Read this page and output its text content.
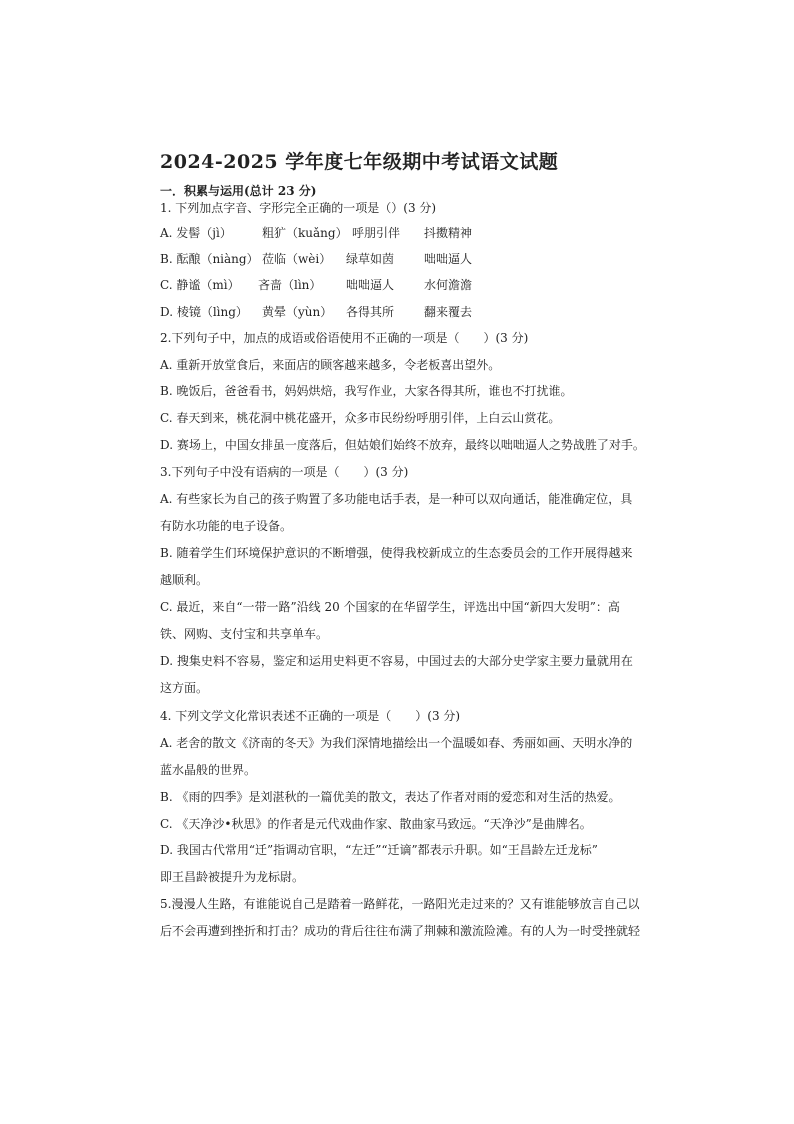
2024-2025 学年度七年级期中考试语文试题
一．积累与运用(总计 23 分)
1. 下列加点字音、字形完全正确的一项是（）(3 分)
A. 发髻（jì）	粗犷（kuǎng） 呼朋引伴 抖擞精神
B. 酝酿（niàng） 莅临（wèi） 绿草如茵 咄咄逼人
C. 静谧（mì） 吝啬（lìn） 咄咄逼人 水何澹澹
D. 棱镜（lìng） 黄晕（yùn） 各得其所 翻来覆去
2.下列句子中，加点的成语或俗语使用不正确的一项是（　　）(3 分)
A. 重新开放堂食后，来面店的顾客越来越多，令老板喜出望外。
B. 晚饭后，爸爸看书，妈妈烘焙，我写作业，大家各得其所，谁也不打扰谁。
C. 春天到来，桃花洞中桃花盛开，众多市民纷纷呼朋引伴，上白云山赏花。
D. 赛场上，中国女排虽一度落后，但姑娘们始终不放弃，最终以咄咄逼人之势战胜了对手。
3.下列句子中没有语病的一项是（　　）(3 分)
A. 有些家长为自己的孩子购置了多功能电话手表，是一种可以双向通话，能准确定位，具
有防水功能的电子设备。
B. 随着学生们环境保护意识的不断增强，使得我校新成立的生态委员会的工作开展得越来
越顺利。
C. 最近，来自“一带一路”沿线 20 个国家的在华留学生，评选出中国“新四大发明”：高
铁、网购、支付宝和共享单车。
D. 搜集史料不容易，鉴定和运用史料更不容易，中国过去的大部分史学家主要力量就用在
这方面。
4. 下列文学文化常识表述不正确的一项是（　　）(3 分)
A. 老舍的散文《济南的冬天》为我们深情地描绘出一个温暖如春、秀丽如画、天明水净的
蓝水晶般的世界。
B. 《雨的四季》是刘湛秋的一篇优美的散文，表达了作者对雨的爱恋和对生活的热爱。
C. 《天净沙•秋思》的作者是元代戏曲作家、散曲家马致远。“天净沙”是曲牌名。
D. 我国古代常用“迁”指调动官职，“左迁”“迁谪”都表示升职。如“王昌龄左迁龙标”
即王昌龄被提升为龙标尉。
5.漫漫人生路，有谁能说自己是踏着一路鲜花，一路阳光走过来的？又有谁能够放言自己以
后不会再遭到挫折和打击？成功的背后往往布满了荆棘和激流险滩。有的人为一时受挫就轻
